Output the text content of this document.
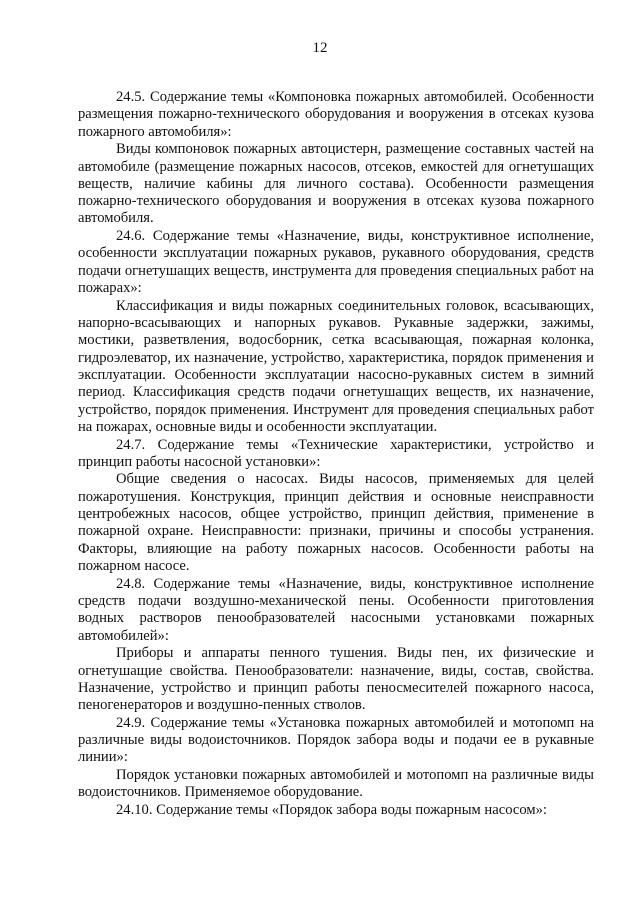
12

24.5. Содержание темы «Компоновка пожарных автомобилей. Особенности размещения пожарно-технического оборудования и вооружения в отсеках кузова пожарного автомобиля»:

Виды компоновок пожарных автоцистерн, размещение составных частей на автомобиле (размещение пожарных насосов, отсеков, емкостей для огнетушащих веществ, наличие кабины для личного состава). Особенности размещения пожарно-технического оборудования и вооружения в отсеках кузова пожарного автомобиля.

24.6. Содержание темы «Назначение, виды, конструктивное исполнение, особенности эксплуатации пожарных рукавов, рукавного оборудования, средств подачи огнетушащих веществ, инструмента для проведения специальных работ на пожарах»:

Классификация и виды пожарных соединительных головок, всасывающих, напорно-всасывающих и напорных рукавов. Рукавные задержки, зажимы, мостики, разветвления, водосборник, сетка всасывающая, пожарная колонка, гидроэлеватор, их назначение, устройство, характеристика, порядок применения и эксплуатации. Особенности эксплуатации насосно-рукавных систем в зимний период. Классификация средств подачи огнетушащих веществ, их назначение, устройство, порядок применения. Инструмент для проведения специальных работ на пожарах, основные виды и особенности эксплуатации.

24.7. Содержание темы «Технические характеристики, устройство и принцип работы насосной установки»:

Общие сведения о насосах. Виды насосов, применяемых для целей пожаротушения. Конструкция, принцип действия и основные неисправности центробежных насосов, общее устройство, принцип действия, применение в пожарной охране. Неисправности: признаки, причины и способы устранения. Факторы, влияющие на работу пожарных насосов. Особенности работы на пожарном насосе.

24.8. Содержание темы «Назначение, виды, конструктивное исполнение средств подачи воздушно-механической пены. Особенности приготовления водных растворов пенообразователей насосными установками пожарных автомобилей»:

Приборы и аппараты пенного тушения. Виды пен, их физические и огнетушащие свойства. Пенообразователи: назначение, виды, состав, свойства. Назначение, устройство и принцип работы пеносмесителей пожарного насоса, пеногенераторов и воздушно-пенных стволов.

24.9. Содержание темы «Установка пожарных автомобилей и мотопомп на различные виды водоисточников. Порядок забора воды и подачи ее в рукавные линии»:

Порядок установки пожарных автомобилей и мотопомп на различные виды водоисточников. Применяемое оборудование.

24.10. Содержание темы «Порядок забора воды пожарным насосом»:
